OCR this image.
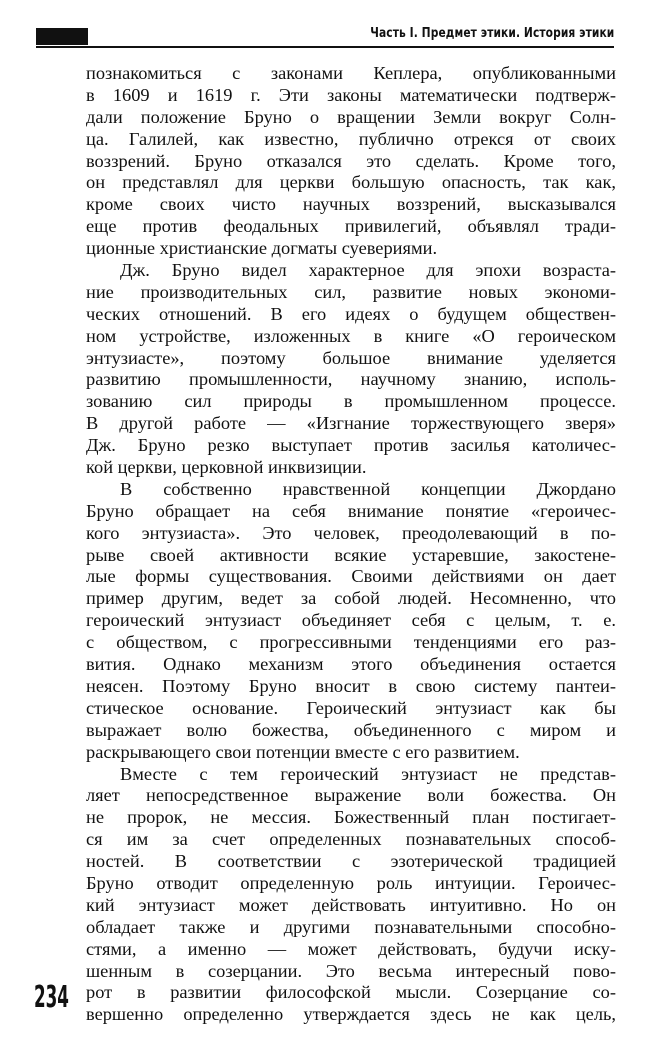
Часть I. Предмет этики. История этики
познакомиться с законами Кеплера, опубликованными
в 1609 и 1619 г. Эти законы математически подтверж-
дали положение Бруно о вращении Земли вокруг Солн-
ца. Галилей, как известно, публично отрекся от своих
воззрений. Бруно отказался это сделать. Кроме того,
он представлял для церкви большую опасность, так как,
кроме своих чисто научных воззрений, высказывался
еще против феодальных привилегий, объявлял тради-
ционные христианские догматы суевериями.
Дж. Бруно видел характерное для эпохи возраста-
ние производительных сил, развитие новых экономи-
ческих отношений. В его идеях о будущем обществен-
ном устройстве, изложенных в книге «О героическом
энтузиасте», поэтому большое внимание уделяется
развитию промышленности, научному знанию, исполь-
зованию сил природы в промышленном процессе.
В другой работе — «Изгнание торжествующего зверя»
Дж. Бруно резко выступает против засилья католичес-
кой церкви, церковной инквизиции.
В собственно нравственной концепции Джордано
Бруно обращает на себя внимание понятие «героичес-
кого энтузиаста». Это человек, преодолевающий в по-
рыве своей активности всякие устаревшие, закостене-
лые формы существования. Своими действиями он дает
пример другим, ведет за собой людей. Несомненно, что
героический энтузиаст объединяет себя с целым, т. е.
с обществом, с прогрессивными тенденциями его раз-
вития. Однако механизм этого объединения остается
неясен. Поэтому Бруно вносит в свою систему пантеи-
стическое основание. Героический энтузиаст как бы
выражает волю божества, объединенного с миром и
раскрывающего свои потенции вместе с его развитием.
Вместе с тем героический энтузиаст не представ-
ляет непосредственное выражение воли божества. Он
не пророк, не мессия. Божественный план постигает-
ся им за счет определенных познавательных способ-
ностей. В соответствии с эзотерической традицией
Бруно отводит определенную роль интуиции. Героичес-
кий энтузиаст может действовать интуитивно. Но он
обладает также и другими познавательными способно-
стями, а именно — может действовать, будучи иску-
шенным в созерцании. Это весьма интересный пово-
рот в развитии философской мысли. Созерцание со-
вершенно определенно утверждается здесь не как цель,
234
